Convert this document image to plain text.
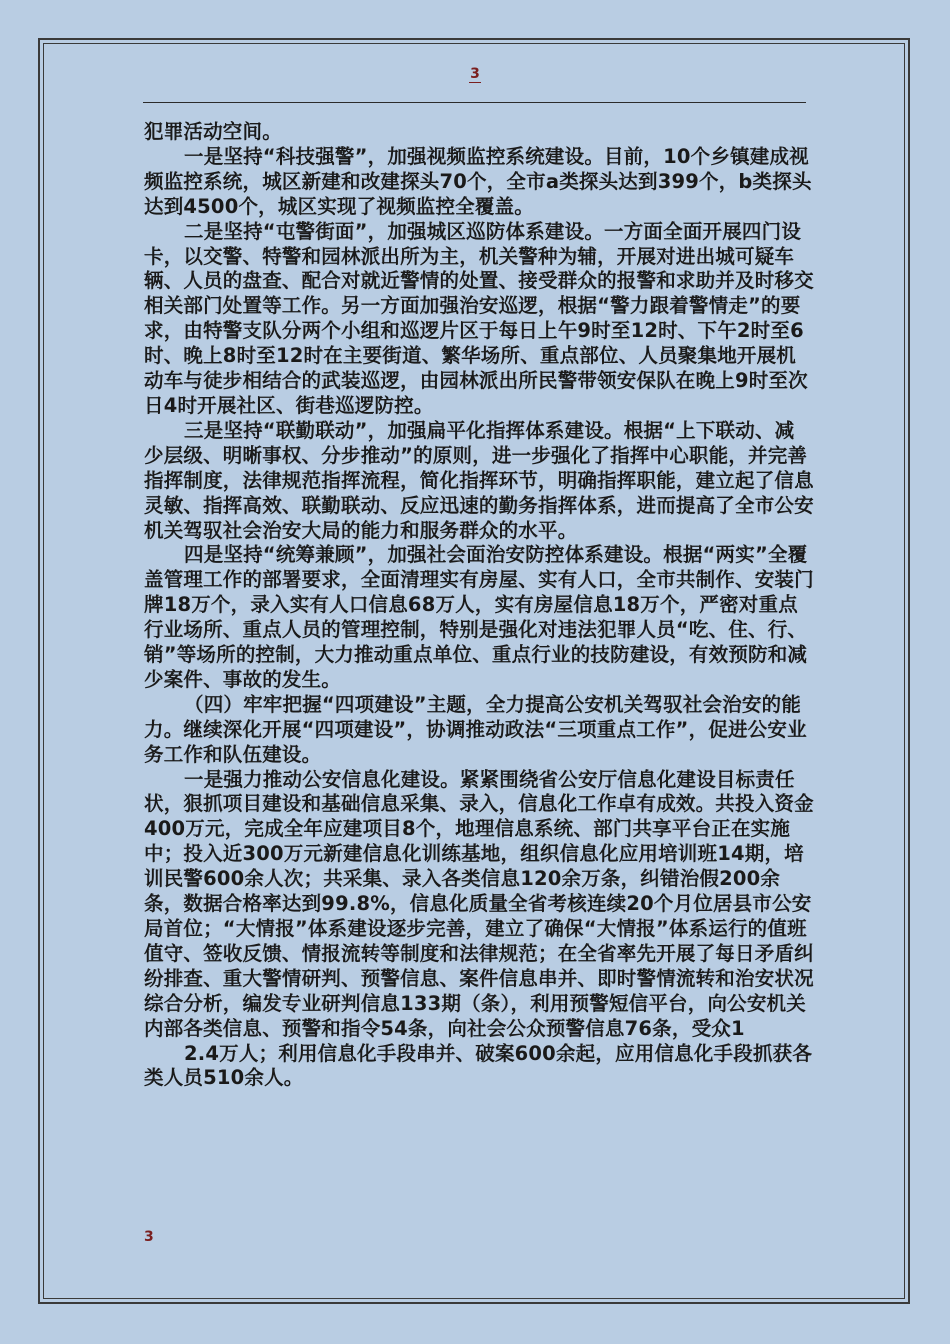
3

犯罪活动空间。

一是坚持“科技强警”，加强视频监控系统建设。目前，10个乡镇建成视频监控系统，城区新建和改建探头70个，全市a类探头达到399个，b类探头达到4500个，城区实现了视频监控全覆盖。

二是坚持“屯警街面”，加强城区巡防体系建设。一方面全面开展四门设卡，以交警、特警和园林派出所为主，机关警种为辅，开展对进出城可疑车辆、人员的盘查、配合对就近警情的处置、接受群众的报警和求助并及时移交相关部门处置等工作。另一方面加强治安巡逻，根据“警力跟着警情走”的要求，由特警支队分两个小组和巡逻片区于每日上午9时至12时、下午2时至6时、晚上8时至12时在主要街道、繁华场所、重点部位、人员聚集地开展机动车与徒步相结合的武装巡逻，由园林派出所民警带领安保队在晚上9时至次日4时开展社区、街巷巡逻防控。

三是坚持“联勤联动”，加强扁平化指挥体系建设。根据“上下联动、减少层级、明晰事权、分步推动”的原则，进一步强化了指挥中心职能，并完善指挥制度，法律规范指挥流程，简化指挥环节，明确指挥职能，建立起了信息灵敏、指挥高效、联勤联动、反应迅速的勤务指挥体系，进而提高了全市公安机关驾驭社会治安大局的能力和服务群众的水平。

四是坚持“统筹兼顾”，加强社会面治安防控体系建设。根据“两实”全覆盖管理工作的部署要求，全面清理实有房屋、实有人口，全市共制作、安装门牌18万个，录入实有人口信息68万人，实有房屋信息18万个，严密对重点行业场所、重点人员的管理控制，特别是强化对违法犯罪人员“吃、住、行、销”等场所的控制，大力推动重点单位、重点行业的技防建设，有效预防和减少案件、事故的发生。

（四）牢牢把握“四项建设”主题，全力提高公安机关驾驭社会治安的能力。继续深化开展“四项建设”，协调推动政法“三项重点工作”，促进公安业务工作和队伍建设。

一是强力推动公安信息化建设。紧紧围绕省公安厅信息化建设目标责任状，狠抓项目建设和基础信息采集、录入，信息化工作卓有成效。共投入资金400万元，完成全年应建项目8个，地理信息系统、部门共享平台正在实施中；投入近300万元新建信息化训练基地，组织信息化应用培训班14期，培训民警600余人次；共采集、录入各类信息120余万条，纠错治假200余条，数据合格率达到99.8%，信息化质量全省考核连续20个月位居县市公安局首位；“大情报”体系建设逐步完善，建立了确保“大情报”体系运行的值班值守、签收反馈、情报流转等制度和法律规范；在全省率先开展了每日矛盾纠纷排查、重大警情研判、预警信息、案件信息串并、即时警情流转和治安状况综合分析，编发专业研判信息133期（条），利用预警短信平台，向公安机关内部各类信息、预警和指令54条，向社会公众预警信息76条，受众1

2.4万人；利用信息化手段串并、破案600余起，应用信息化手段抓获各类人员510余人。

3
